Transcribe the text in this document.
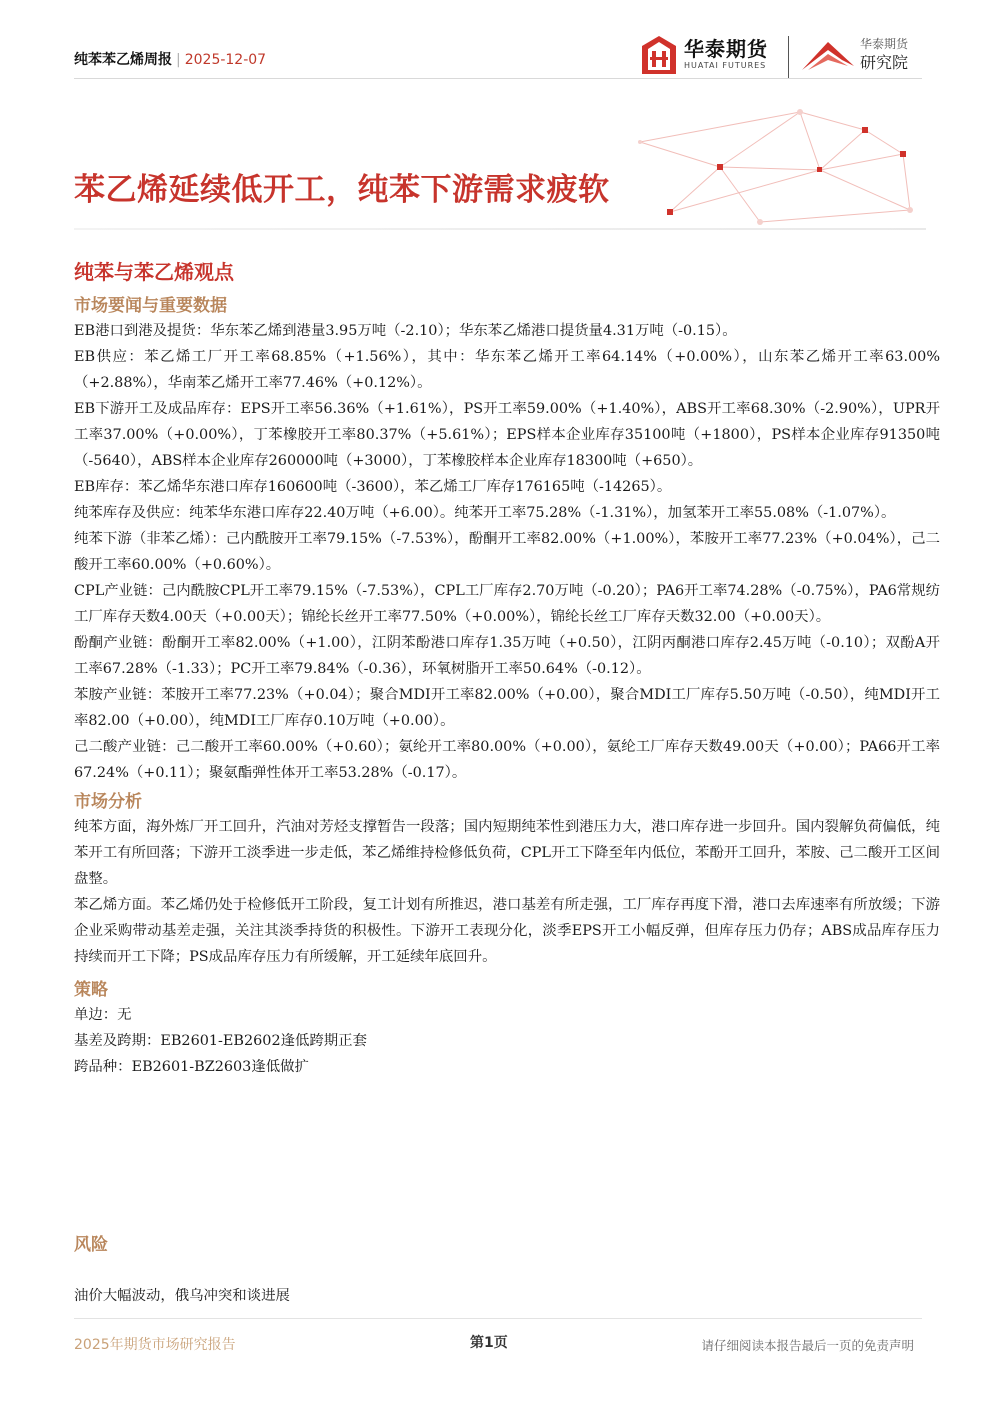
纯苯苯乙烯周报 | 2025-12-07	华泰期货
HUATAI FUTURES
华泰期货
研究院
苯乙烯延续低开工，纯苯下游需求疲软
纯苯与苯乙烯观点
市场要闻与重要数据

EB港口到港及提货：华东苯乙烯到港量3.95万吨（-2.10）；华东苯乙烯港口提货量4.31万吨（-0.15）。

EB供应：苯乙烯工厂开工率68.85%（+1.56%），其中：华东苯乙烯开工率64.14%（+0.00%），山东苯乙烯开工率63.00%（+2.88%），华南苯乙烯开工率77.46%（+0.12%）。

EB下游开工及成品库存：EPS开工率56.36%（+1.61%），PS开工率59.00%（+1.40%），ABS开工率68.30%（-2.90%），UPR开工率37.00%（+0.00%），丁苯橡胶开工率80.37%（+5.61%）；EPS样本企业库存35100吨（+1800），PS样本企业库存91350吨（-5640），ABS样本企业库存260000吨（+3000），丁苯橡胶样本企业库存18300吨（+650）。

EB库存：苯乙烯华东港口库存160600吨（-3600），苯乙烯工厂库存176165吨（-14265）。

纯苯库存及供应：纯苯华东港口库存22.40万吨（+6.00）。纯苯开工率75.28%（-1.31%），加氢苯开工率55.08%（-1.07%）。

纯苯下游（非苯乙烯）：己内酰胺开工率79.15%（-7.53%），酚酮开工率82.00%（+1.00%），苯胺开工率77.23%（+0.04%），己二酸开工率60.00%（+0.60%）。

CPL产业链：己内酰胺CPL开工率79.15%（-7.53%），CPL工厂库存2.70万吨（-0.20）；PA6开工率74.28%（-0.75%），PA6常规纺工厂库存天数4.00天（+0.00天）；锦纶长丝开工率77.50%（+0.00%），锦纶长丝工厂库存天数32.00（+0.00天）。

酚酮产业链：酚酮开工率82.00%（+1.00），江阴苯酚港口库存1.35万吨（+0.50），江阴丙酮港口库存2.45万吨（-0.10）；双酚A开工率67.28%（-1.33）；PC开工率79.84%（-0.36），环氧树脂开工率50.64%（-0.12）。

苯胺产业链：苯胺开工率77.23%（+0.04）；聚合MDI开工率82.00%（+0.00），聚合MDI工厂库存5.50万吨（-0.50），纯MDI开工率82.00（+0.00），纯MDI工厂库存0.10万吨（+0.00）。

己二酸产业链：己二酸开工率60.00%（+0.60）；氨纶开工率80.00%（+0.00），氨纶工厂库存天数49.00天（+0.00）；PA66开工率67.24%（+0.11）；聚氨酯弹性体开工率53.28%（-0.17）。

市场分析

纯苯方面，海外炼厂开工回升，汽油对芳烃支撑暂告一段落；国内短期纯苯性到港压力大，港口库存进一步回升。国内裂解负荷偏低，纯苯开工有所回落；下游开工淡季进一步走低，苯乙烯维持检修低负荷，CPL开工下降至年内低位，苯酚开工回升，苯胺、己二酸开工区间盘整。

苯乙烯方面。苯乙烯仍处于检修低开工阶段，复工计划有所推迟，港口基差有所走强，工厂库存再度下滑，港口去库速率有所放缓；下游企业采购带动基差走强，关注其淡季持货的积极性。下游开工表现分化，淡季EPS开工小幅反弹，但库存压力仍存；ABS成品库存压力持续而开工下降；PS成品库存压力有所缓解，开工延续年底回升。

策略

单边：无

基差及跨期：EB2601-EB2602逢低跨期正套

跨品种：EB2601-BZ2603逢低做扩

风险
油价大幅波动，俄乌冲突和谈进展
2025年期货市场研究报告	第1页	请仔细阅读本报告最后一页的免责声明
